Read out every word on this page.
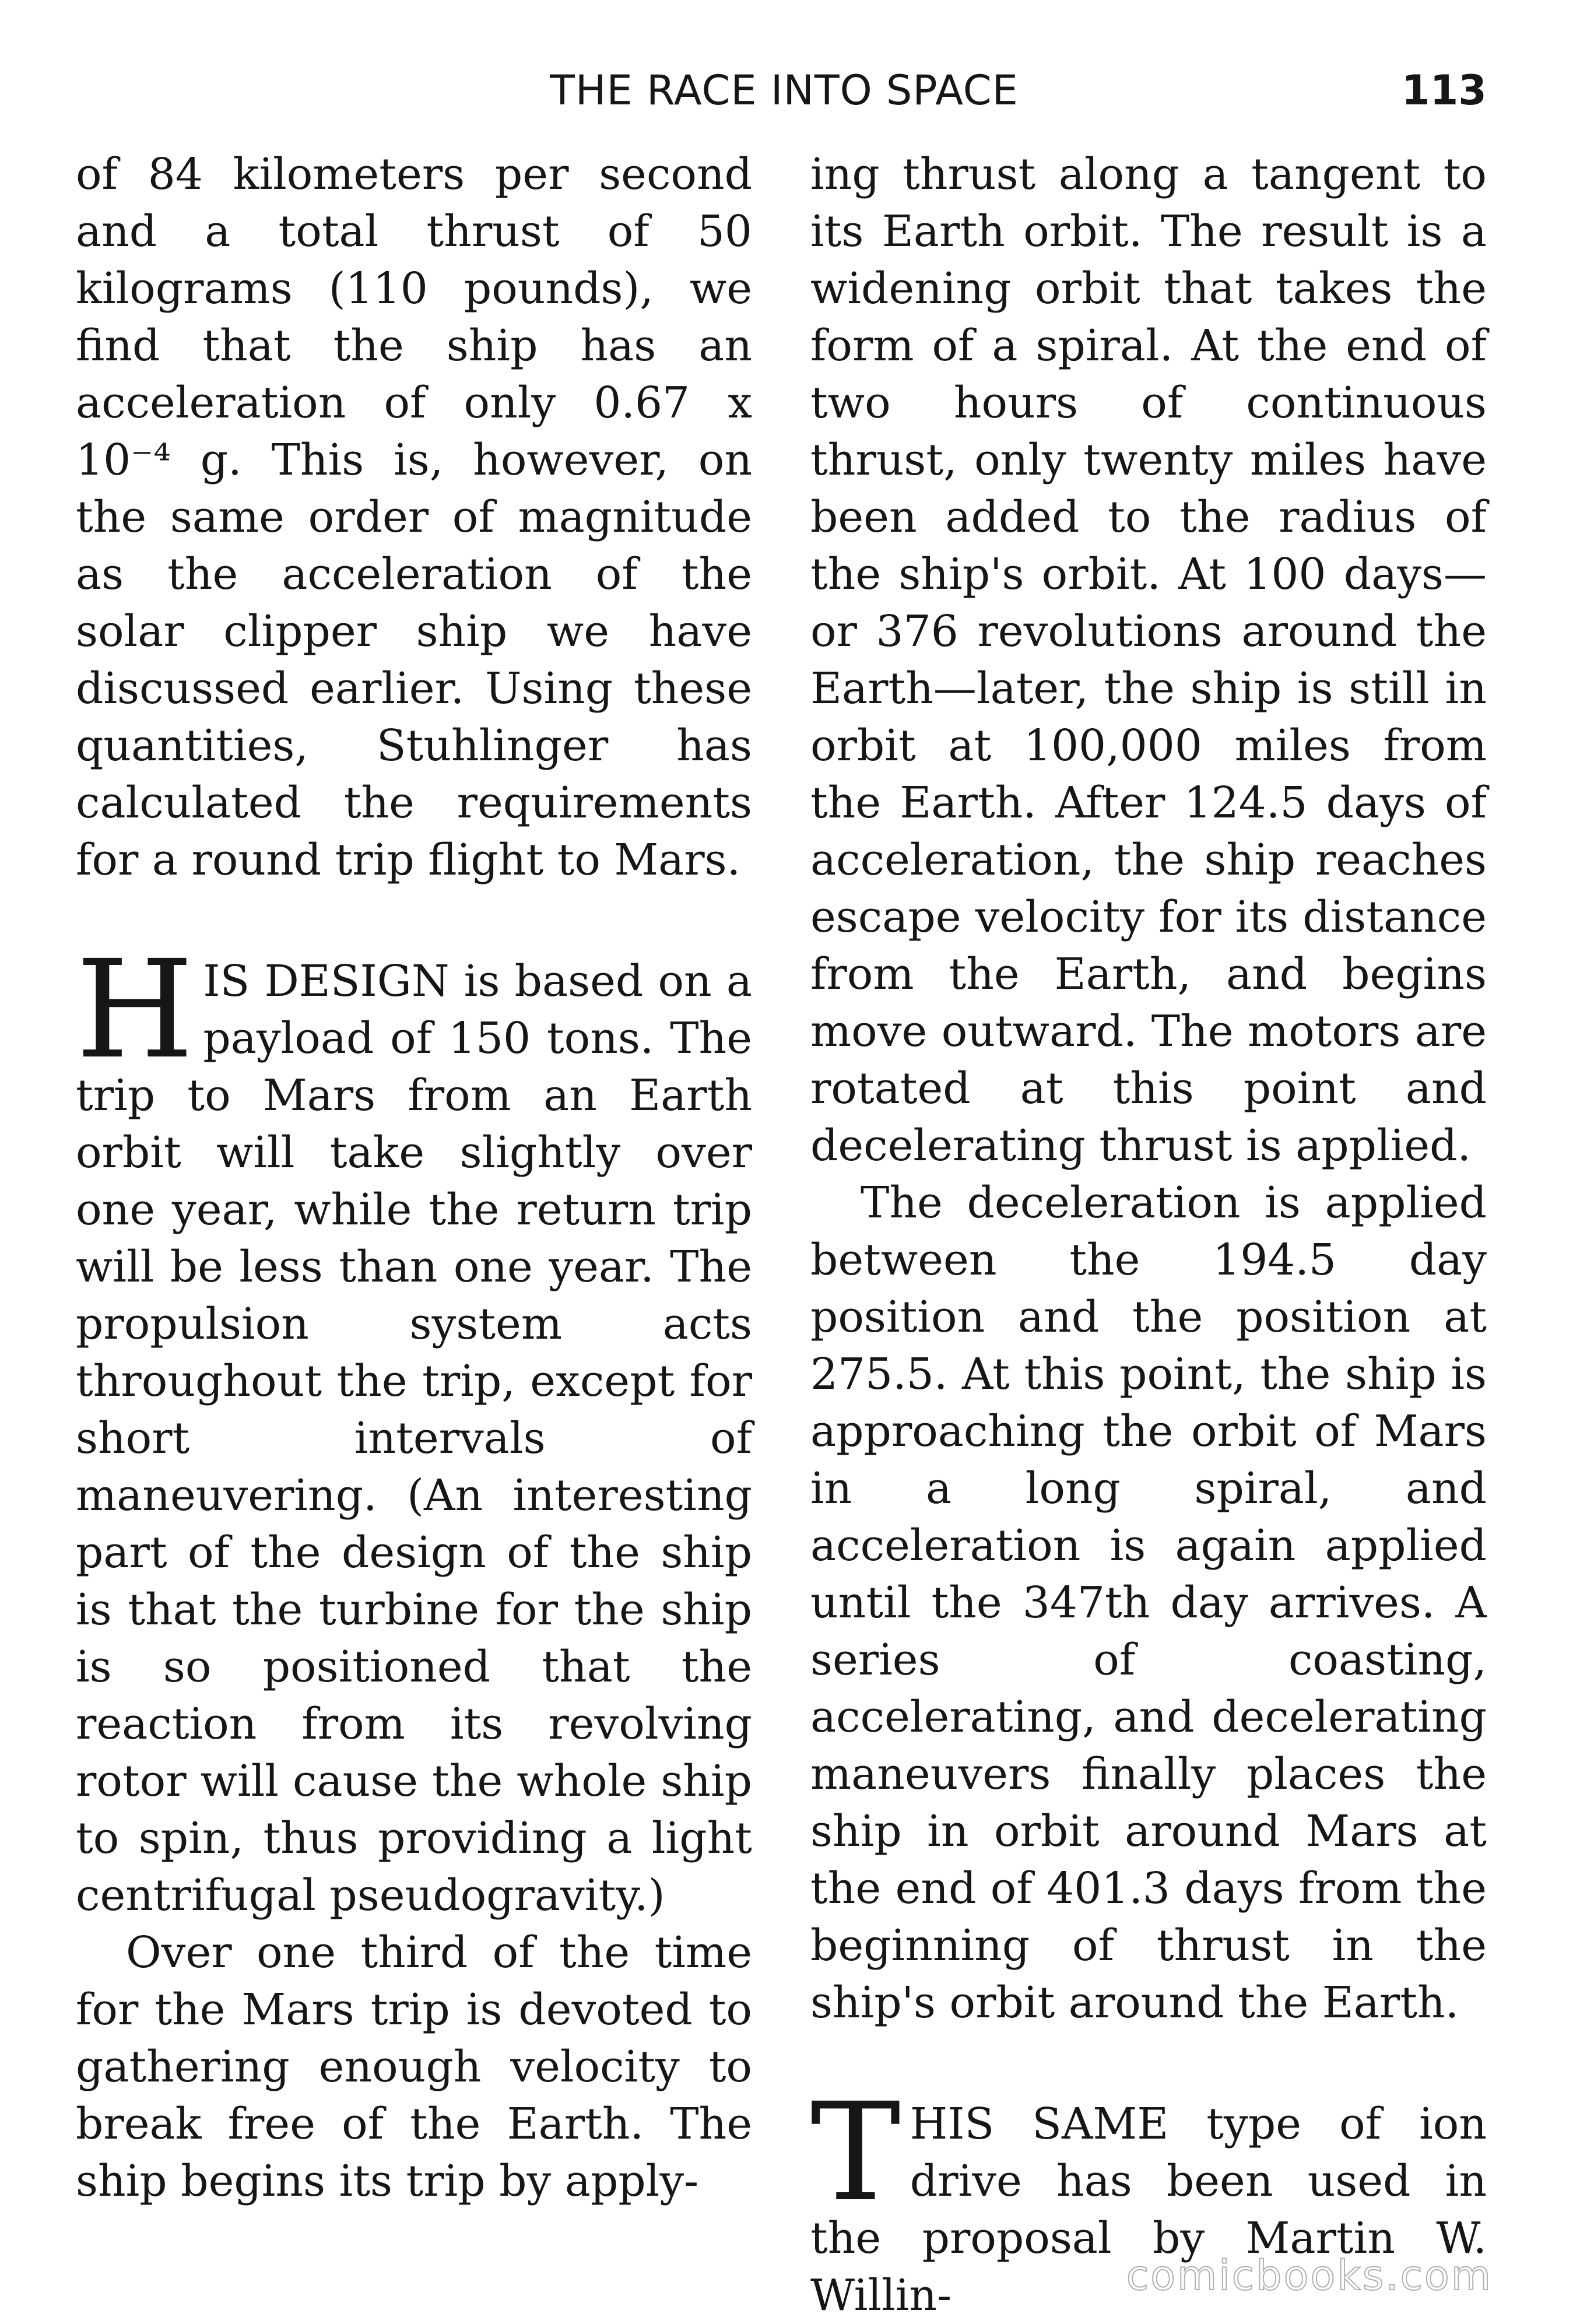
THE RACE INTO SPACE	113

of 84 kilometers per second and a total thrust of 50 kilograms (110 pounds), we find that the ship has an acceleration of only 0.67 x 10⁻⁴ g. This is, however, on the same order of magnitude as the acceleration of the solar clipper ship we have discussed earlier. Using these quantities, Stuhlinger has calculated the requirements for a round trip flight to Mars.

HIS DESIGN is based on a payload of 150 tons. The trip to Mars from an Earth orbit will take slightly over one year, while the return trip will be less than one year. The propulsion system acts throughout the trip, except for short intervals of maneuvering. (An interesting part of the design of the ship is that the turbine for the ship is so positioned that the reaction from its revolving rotor will cause the whole ship to spin, thus providing a light centrifugal pseudogravity.)

Over one third of the time for the Mars trip is devoted to gathering enough velocity to break free of the Earth. The ship begins its trip by apply-

ing thrust along a tangent to its Earth orbit. The result is a widening orbit that takes the form of a spiral. At the end of two hours of continuous thrust, only twenty miles have been added to the radius of the ship's orbit. At 100 days—or 376 revolutions around the Earth—later, the ship is still in orbit at 100,000 miles from the Earth. After 124.5 days of acceleration, the ship reaches escape velocity for its distance from the Earth, and begins move outward. The motors are rotated at this point and decelerating thrust is applied.

The deceleration is applied between the 194.5 day position and the position at 275.5. At this point, the ship is approaching the orbit of Mars in a long spiral, and acceleration is again applied until the 347th day arrives. A series of coasting, accelerating, and decelerating maneuvers finally places the ship in orbit around Mars at the end of 401.3 days from the beginning of thrust in the ship's orbit around the Earth.

THIS SAME type of ion drive has been used in the proposal by Martin W. Willin-	comicbooks.com
